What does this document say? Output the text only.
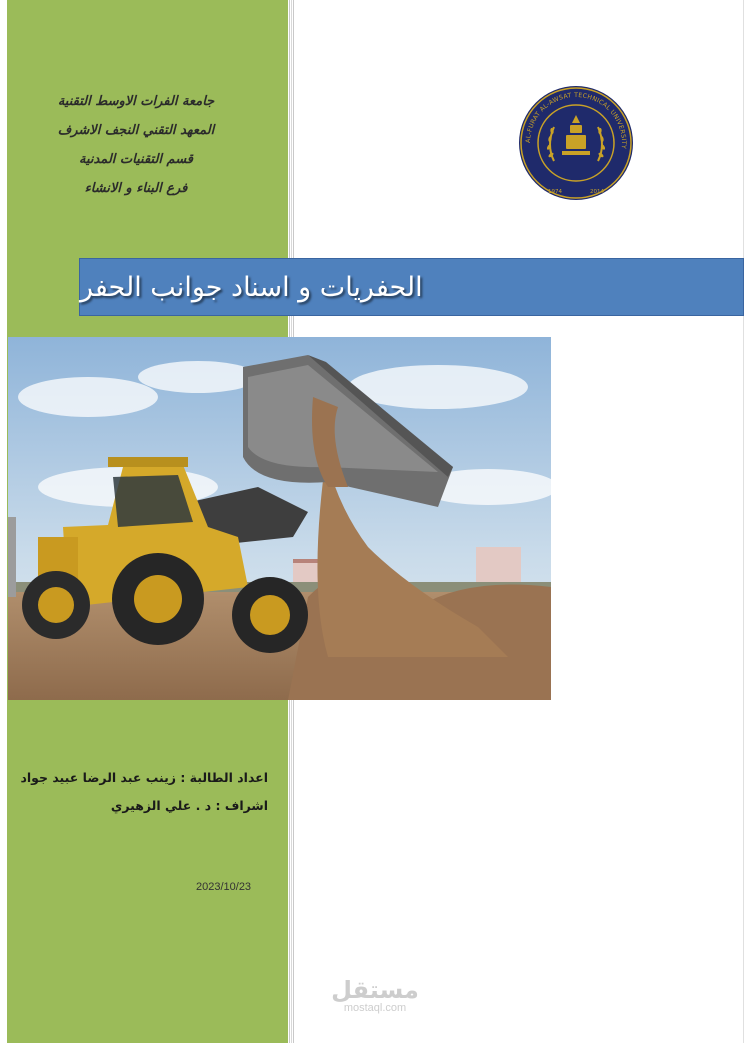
جامعة الفرات الاوسط التقنية
المعهد التقني النجف الاشرف
قسم التقنيات المدنية
فرع البناء و الانشاء
AL-FURAT AL-AWSAT TECHNICAL UNIVERSITY
1974	2014
الحفريات و اسناد جوانب الحفر
اعداد الطالبة : زينب عبد الرضا عبيد جواد
اشراف : د . علي الزهيري
2023/10/23
مستقل
mostaql.com
